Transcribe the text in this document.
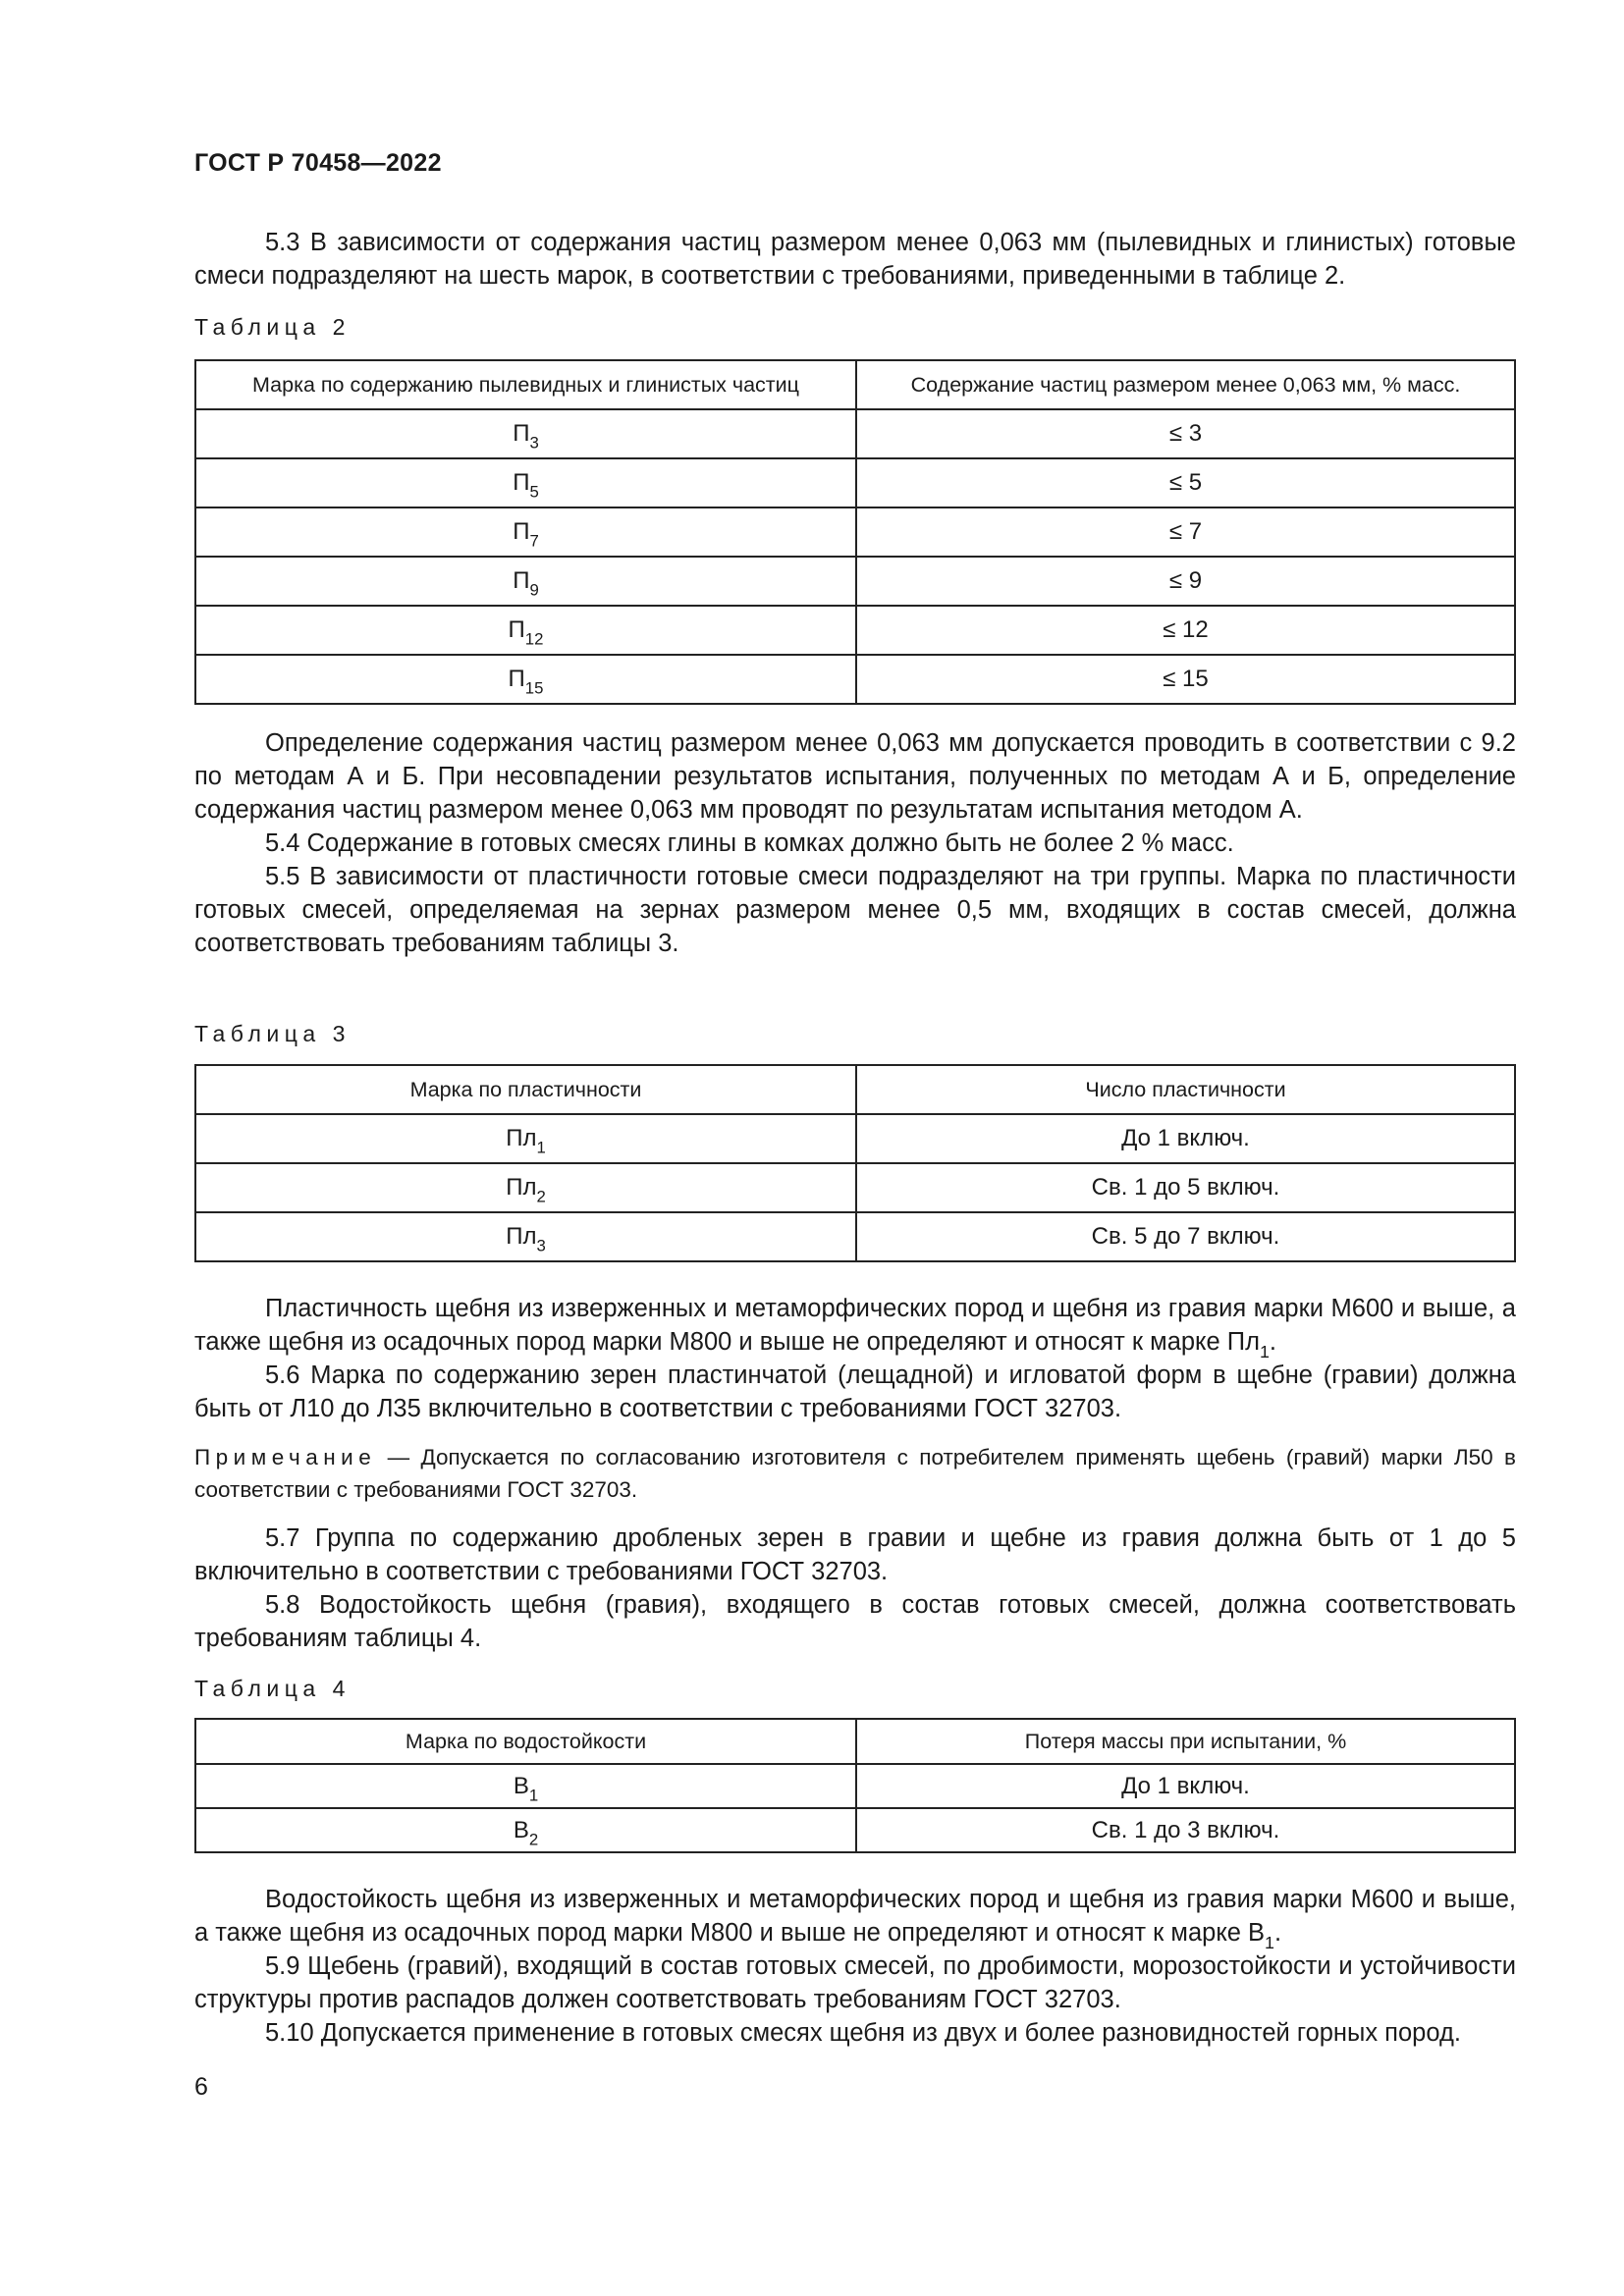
ГОСТ Р 70458—2022

5.3 В зависимости от содержания частиц размером менее 0,063 мм (пылевидных и глинистых) готовые смеси подразделяют на шесть марок, в соответствии с требованиями, приведенными в таблице 2.

Таблица 2
Марка по содержанию пылевидных и глинистых частиц	Содержание частиц размером менее 0,063 мм, % масс.
$П_3$	≤ 3
$П_5$	≤ 5
$П_7$	≤ 7
$П_9$	≤ 9
$П_{12}$	≤ 12
$П_{15}$	≤ 15

Определение содержания частиц размером менее 0,063 мм допускается проводить в соответствии с 9.2 по методам А и Б. При несовпадении результатов испытания, полученных по методам А и Б, определение содержания частиц размером менее 0,063 мм проводят по результатам испытания методом А.

5.4 Содержание в готовых смесях глины в комках должно быть не более 2 % масс.

5.5 В зависимости от пластичности готовые смеси подразделяют на три группы. Марка по пластичности готовых смесей, определяемая на зернах размером менее 0,5 мм, входящих в состав смесей, должна соответствовать требованиям таблицы 3.

Таблица 3
Марка по пластичности	Число пластичности
$Пл_1$	До 1 включ.
$Пл_2$	Св. 1 до 5 включ.
$Пл_3$	Св. 5 до 7 включ.

Пластичность щебня из изверженных и метаморфических пород и щебня из гравия марки М600 и выше, а также щебня из осадочных пород марки М800 и выше не определяют и относят к марке $Пл_1$.

5.6 Марка по содержанию зерен пластинчатой (лещадной) и игловатой форм в щебне (гравии) должна быть от Л10 до Л35 включительно в соответствии с требованиями ГОСТ 32703.

Примечание — Допускается по согласованию изготовителя с потребителем применять щебень (гравий) марки Л50 в соответствии с требованиями ГОСТ 32703.

5.7 Группа по содержанию дробленых зерен в гравии и щебне из гравия должна быть от 1 до 5 включительно в соответствии с требованиями ГОСТ 32703.

5.8 Водостойкость щебня (гравия), входящего в состав готовых смесей, должна соответствовать требованиям таблицы 4.

Таблица 4
Марка по водостойкости	Потеря массы при испытании, %
$В_1$	До 1 включ.
$В_2$	Св. 1 до 3 включ.

Водостойкость щебня из изверженных и метаморфических пород и щебня из гравия марки М600 и выше, а также щебня из осадочных пород марки М800 и выше не определяют и относят к марке $В_1$.

5.9 Щебень (гравий), входящий в состав готовых смесей, по дробимости, морозостойкости и устойчивости структуры против распадов должен соответствовать требованиям ГОСТ 32703.

5.10 Допускается применение в готовых смесях щебня из двух и более разновидностей горных пород.

6
